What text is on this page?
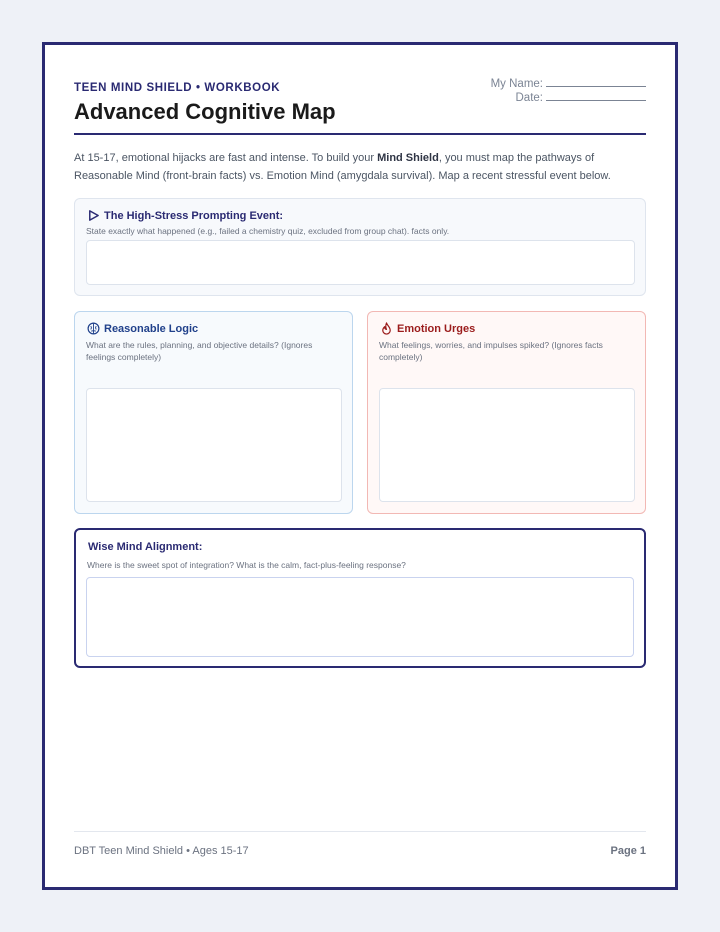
TEEN MIND SHIELD • WORKBOOK
Advanced Cognitive Map
My Name:
Date:
At 15-17, emotional hijacks are fast and intense. To build your Mind Shield, you must map the pathways of Reasonable Mind (front-brain facts) vs. Emotion Mind (amygdala survival). Map a recent stressful event below.
The High-Stress Prompting Event:
State exactly what happened (e.g., failed a chemistry quiz, excluded from group chat). facts only.
Reasonable Logic
What are the rules, planning, and objective details? (Ignores feelings completely)
Emotion Urges
What feelings, worries, and impulses spiked? (Ignores facts completely)
Wise Mind Alignment:
Where is the sweet spot of integration? What is the calm, fact-plus-feeling response?
DBT Teen Mind Shield • Ages 15-17	Page 1
